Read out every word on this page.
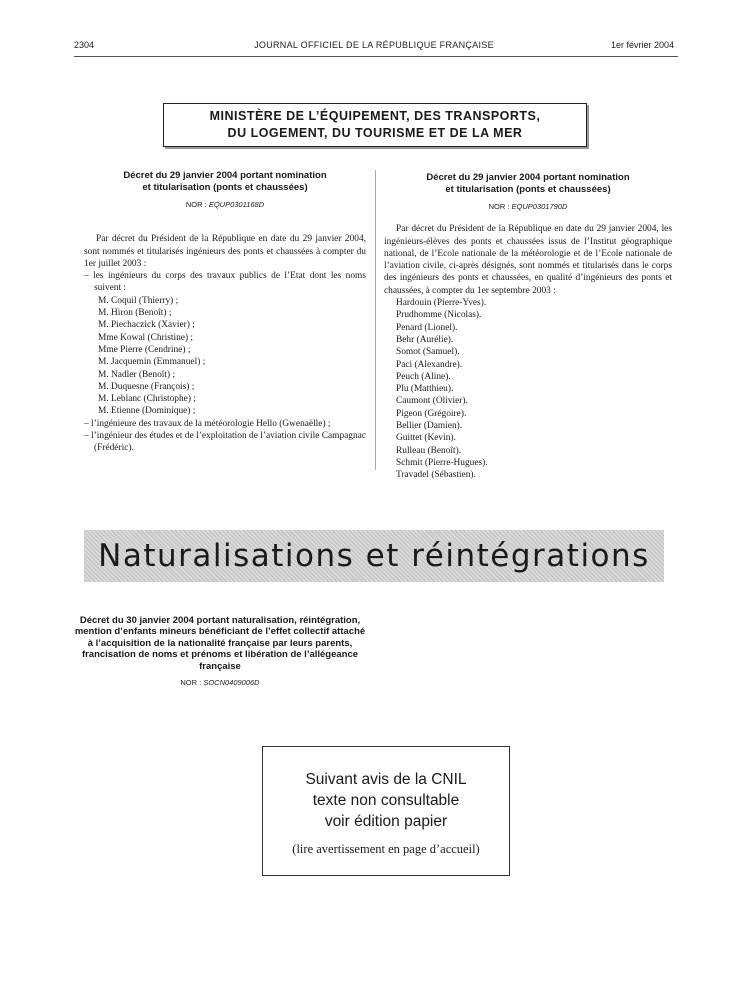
2304	JOURNAL OFFICIEL DE LA RÉPUBLIQUE FRANÇAISE	1er février 2004
MINISTÈRE DE L’ÉQUIPEMENT, DES TRANSPORTS,
DU LOGEMENT, DU TOURISME ET DE LA MER
Décret du 29 janvier 2004 portant nomination
et titularisation (ponts et chaussées)
NOR : EQUP0301168D
Par décret du Président de la République en date du 29 janvier 2004, sont nommés et titularisés ingénieurs des ponts et chaussées à compter du 1er juillet 2003 :
– les ingénieurs du corps des travaux publics de l’Etat dont les noms suivent :
M. Coquil (Thierry) ;
M. Hiron (Benoît) ;
M. Piechaczick (Xavier) ;
Mme Kowal (Christine) ;
Mme Pierre (Cendrine) ;
M. Jacquemin (Emmanuel) ;
M. Nadler (Benoît) ;
M. Duquesne (François) ;
M. Leblanc (Christophe) ;
M. Etienne (Dominique) ;
– l’ingénieure des travaux de la météorologie Hello (Gwenaëlle) ;
– l’ingénieur des études et de l’exploitation de l’aviation civile Campagnac (Frédéric).
Décret du 29 janvier 2004 portant nomination
et titularisation (ponts et chaussées)
NOR : EQUP0301790D
Par décret du Président de la République en date du 29 janvier 2004, les ingénieurs-élèves des ponts et chaussées issus de l’Institut géographique national, de l’Ecole nationale de la météorologie et de l’Ecole nationale de l’aviation civile, ci-après désignés, sont nommés et titularisés dans le corps des ingénieurs des ponts et chaussées, en qualité d’ingénieurs des ponts et chaussées, à compter du 1er septembre 2003 :
Hardouin (Pierre-Yves).
Prudhomme (Nicolas).
Penard (Lionel).
Behr (Aurélie).
Somot (Samuel).
Paci (Alexandre).
Peuch (Aline).
Plu (Matthieu).
Caumont (Olivier).
Pigeon (Grégoire).
Bellier (Damien).
Guittet (Kevin).
Rulleau (Benoît).
Schmit (Pierre-Hugues).
Travadel (Sébastien).
Naturalisations et réintégrations
Décret du 30 janvier 2004 portant naturalisation, réintégration, mention d’enfants mineurs bénéficiant de l’effet collectif attaché à l’acquisition de la nationalité française par leurs parents, francisation de noms et prénoms et libération de l’allégeance française
NOR : SOCN0409006D
Suivant avis de la CNIL
texte non consultable
voir édition papier
(lire avertissement en page d’accueil)
